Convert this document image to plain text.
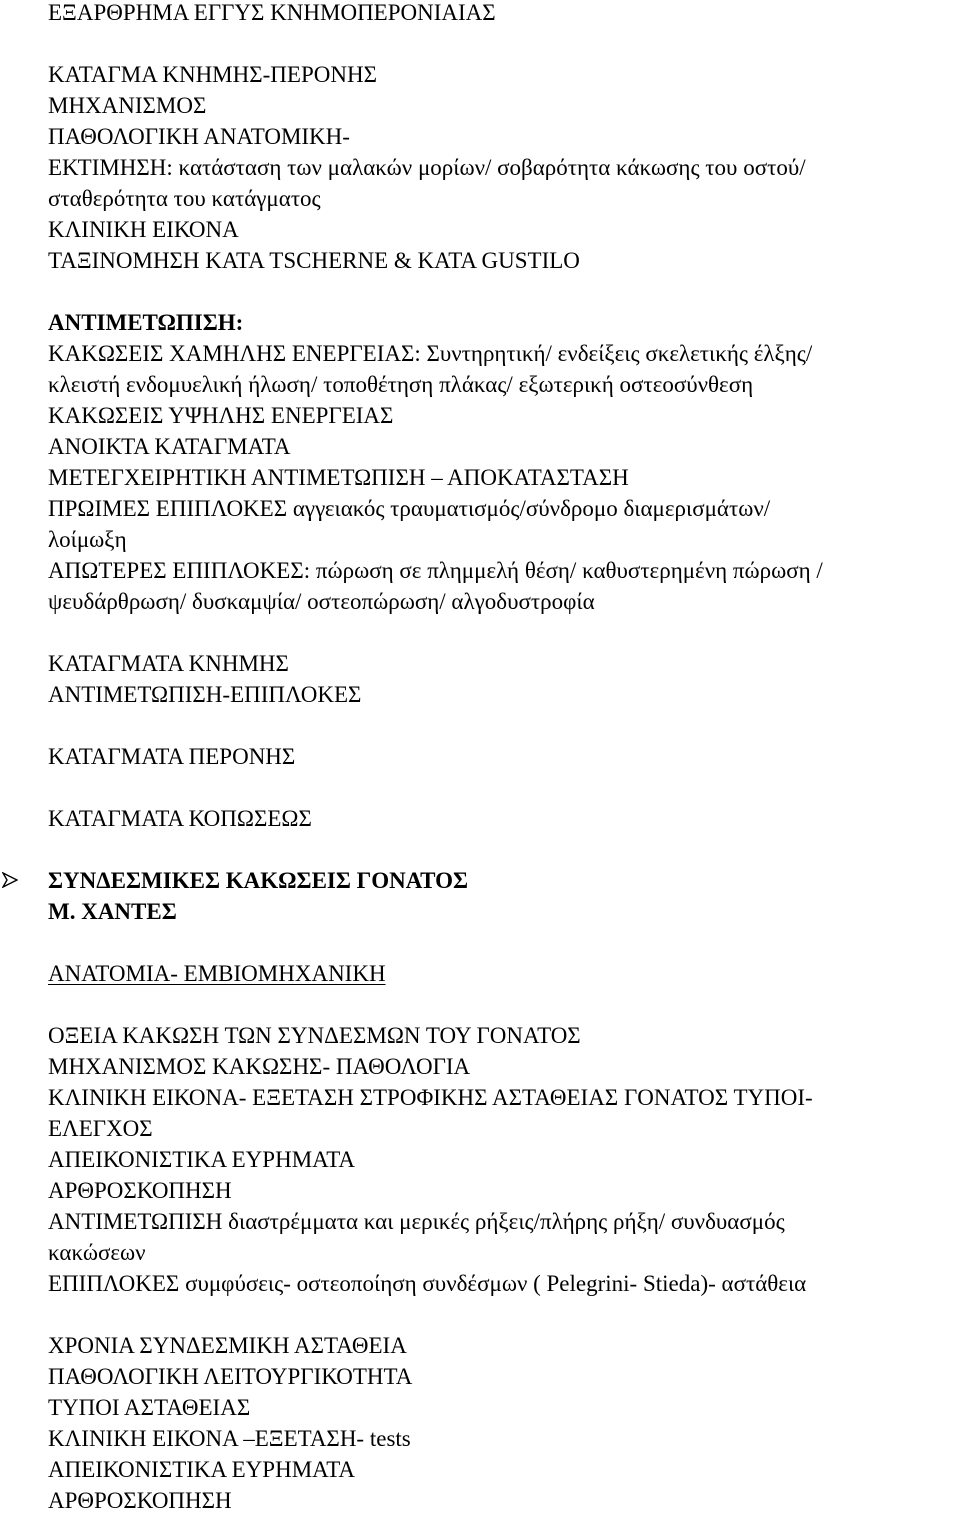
ΕΞΑΡΘΡΗΜΑ ΕΓΓΥΣ ΚΝΗΜΟΠΕΡΟΝΙΑΙΑΣ
ΚΑΤΑΓΜΑ ΚΝΗΜΗΣ-ΠΕΡΟΝΗΣ
ΜΗΧΑΝΙΣΜΟΣ
ΠΑΘΟΛΟΓΙΚΗ ΑΝΑΤΟΜΙΚΗ-
ΕΚΤΙΜΗΣΗ: κατάσταση των μαλακών μορίων/ σοβαρότητα κάκωσης του οστού/
σταθερότητα του κατάγματος
ΚΛΙΝΙΚΗ ΕΙΚΟΝΑ
ΤΑΞΙΝΟΜΗΣΗ ΚΑΤΑ TSCHERNE & ΚΑΤΑ GUSTILO
ΑΝΤΙΜΕΤΩΠΙΣΗ:
ΚΑΚΩΣΕΙΣ ΧΑΜΗΛΗΣ ΕΝΕΡΓΕΙΑΣ: Συντηρητική/ ενδείξεις σκελετικής έλξης/
κλειστή ενδομυελική ήλωση/ τοποθέτηση πλάκας/ εξωτερική οστεοσύνθεση
ΚΑΚΩΣΕΙΣ ΥΨΗΛΗΣ ΕΝΕΡΓΕΙΑΣ
ΑΝΟΙΚΤΑ ΚΑΤΑΓΜΑΤΑ
ΜΕΤΕΓΧΕΙΡΗΤΙΚΗ ΑΝΤΙΜΕΤΩΠΙΣΗ – ΑΠΟΚΑΤΑΣΤΑΣΗ
ΠΡΩΙΜΕΣ ΕΠΙΠΛΟΚΕΣ αγγειακός τραυματισμός/σύνδρομο διαμερισμάτων/
λοίμωξη
ΑΠΩΤΕΡΕΣ ΕΠΙΠΛΟΚΕΣ: πώρωση σε πλημμελή θέση/ καθυστερημένη πώρωση /
ψευδάρθρωση/ δυσκαμψία/ οστεοπώρωση/ αλγοδυστροφία
ΚΑΤΑΓΜΑΤΑ ΚΝΗΜΗΣ
ΑΝΤΙΜΕΤΩΠΙΣΗ-ΕΠΙΠΛΟΚΕΣ
ΚΑΤΑΓΜΑΤΑ ΠΕΡΟΝΗΣ
ΚΑΤΑΓΜΑΤΑ ΚΟΠΩΣΕΩΣ
ΣΥΝΔΕΣΜΙΚΕΣ ΚΑΚΩΣΕΙΣ ΓΟΝΑΤΟΣ
Μ. ΧΑΝΤΕΣ
ΑΝΑΤΟΜΙΑ- ΕΜΒΙΟΜΗΧΑΝΙΚΗ
ΟΞΕΙΑ ΚΑΚΩΣΗ ΤΩΝ ΣΥΝΔΕΣΜΩΝ ΤΟΥ ΓΟΝΑΤΟΣ
ΜΗΧΑΝΙΣΜΟΣ ΚΑΚΩΣΗΣ- ΠΑΘΟΛΟΓΙΑ
ΚΛΙΝΙΚΗ ΕΙΚΟΝΑ- ΕΞΕΤΑΣΗ ΣΤΡΟΦΙΚΗΣ ΑΣΤΑΘΕΙΑΣ ΓΟΝΑΤΟΣ ΤΥΠΟΙ-
ΕΛΕΓΧΟΣ
ΑΠΕΙΚΟΝΙΣΤΙΚΑ ΕΥΡΗΜΑΤΑ
ΑΡΘΡΟΣΚΟΠΗΣΗ
ΑΝΤΙΜΕΤΩΠΙΣΗ διαστρέμματα και μερικές ρήξεις/πλήρης ρήξη/ συνδυασμός
κακώσεων
ΕΠΙΠΛΟΚΕΣ συμφύσεις- οστεοποίηση συνδέσμων ( Pelegrini- Stieda)- αστάθεια
ΧΡΟΝΙΑ ΣΥΝΔΕΣΜΙΚΗ ΑΣΤΑΘΕΙΑ
ΠΑΘΟΛΟΓΙΚΗ ΛΕΙΤΟΥΡΓΙΚΟΤΗΤΑ
ΤΥΠΟΙ ΑΣΤΑΘΕΙΑΣ
ΚΛΙΝΙΚΗ ΕΙΚΟΝΑ –ΕΞΕΤΑΣΗ- tests
ΑΠΕΙΚΟΝΙΣΤΙΚΑ ΕΥΡΗΜΑΤΑ
ΑΡΘΡΟΣΚΟΠΗΣΗ
